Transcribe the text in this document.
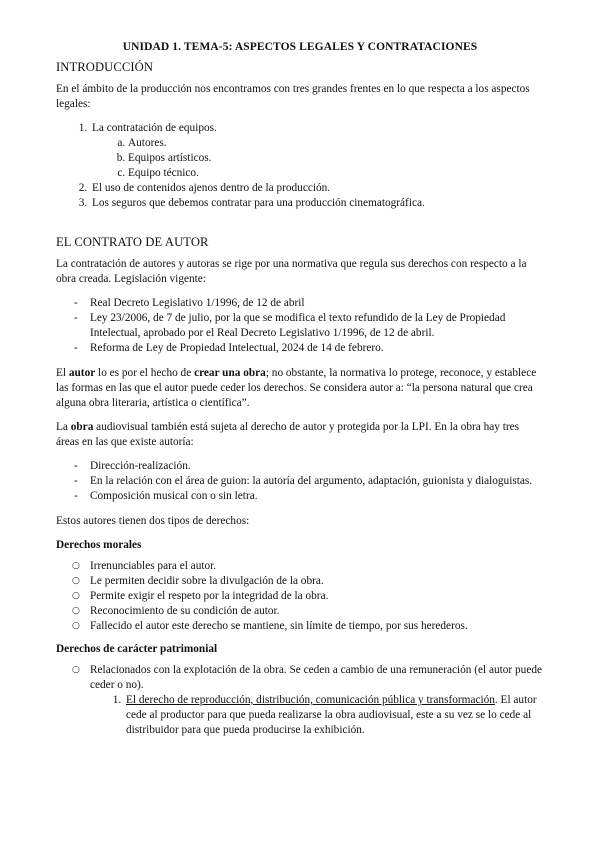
UNIDAD 1. TEMA-5: ASPECTOS LEGALES Y CONTRATACIONES
INTRODUCCIÓN

En el ámbito de la producción nos encontramos con tres grandes frentes en lo que respecta a los aspectos legales:

1. La contratación de equipos.
a. Autores.
b. Equipos artísticos.
c. Equipo técnico.
2. El uso de contenidos ajenos dentro de la producción.
3. Los seguros que debemos contratar para una producción cinematográfica.
EL CONTRATO DE AUTOR

La contratación de autores y autoras se rige por una normativa que regula sus derechos con respecto a la obra creada. Legislación vigente:

- Real Decreto Legislativo 1/1996, de 12 de abril
- Ley 23/2006, de 7 de julio, por la que se modifica el texto refundido de la Ley de Propiedad Intelectual, aprobado por el Real Decreto Legislativo 1/1996, de 12 de abril.
- Reforma de Ley de Propiedad Intelectual, 2024 de 14 de febrero.

El autor lo es por el hecho de crear una obra; no obstante, la normativa lo protege, reconoce, y establece las formas en las que el autor puede ceder los derechos. Se considera autor a: “la persona natural que crea alguna obra literaria, artística o científica”.

La obra audiovisual también está sujeta al derecho de autor y protegida por la LPI. En la obra hay tres áreas en las que existe autoría:

- Dirección-realización.
- En la relación con el área de guion: la autoría del argumento, adaptación, guionista y dialoguistas.
- Composición musical con o sin letra.

Estos autores tienen dos tipos de derechos:

Derechos morales
○ Irrenunciables para el autor.
○ Le permiten decidir sobre la divulgación de la obra.
○ Permite exigir el respeto por la integridad de la obra.
○ Reconocimiento de su condición de autor.
○ Fallecido el autor este derecho se mantiene, sin límite de tiempo, por sus herederos.
Derechos de carácter patrimonial
○ Relacionados con la explotación de la obra. Se ceden a cambio de una remuneración (el autor puede ceder o no).
1. El derecho de reproducción, distribución, comunicación pública y transformación. El autor cede al productor para que pueda realizarse la obra audiovisual, este a su vez se lo cede al distribuidor para que pueda producirse la exhibición.
